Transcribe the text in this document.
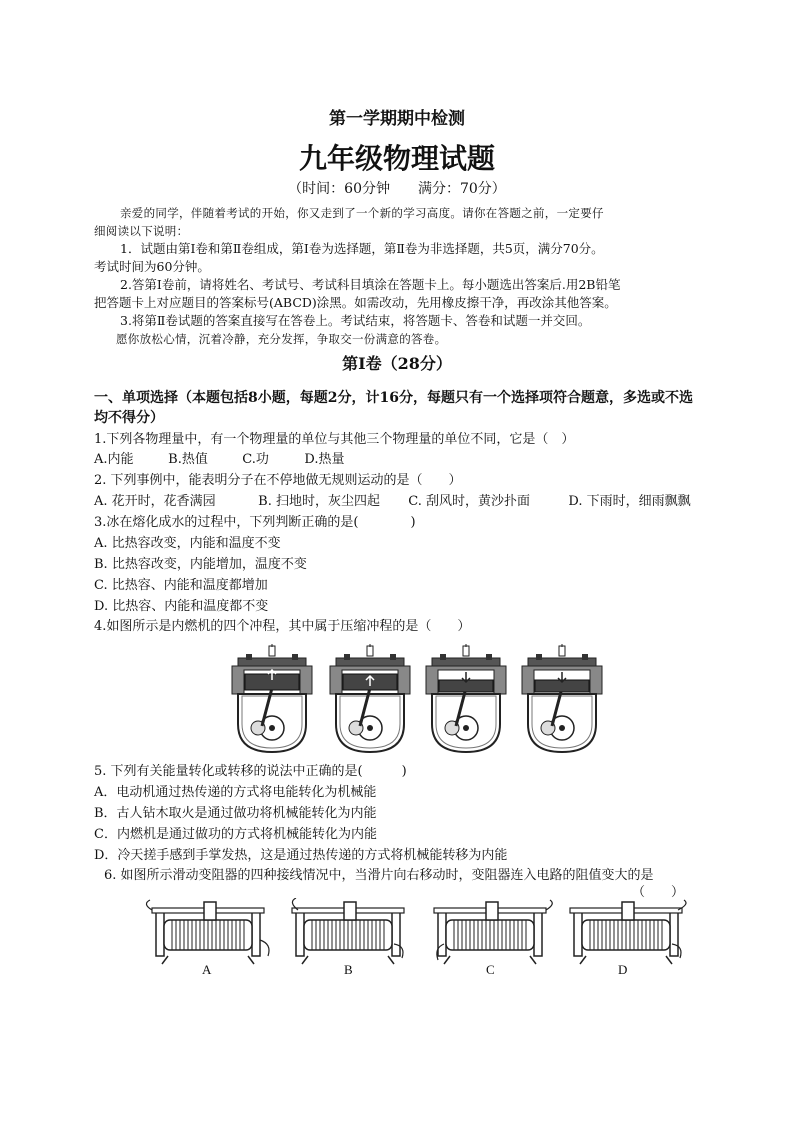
第一学期期中检测
九年级物理试题
（时间：60分钟　　满分：70分）
亲爱的同学，伴随着考试的开始，你又走到了一个新的学习高度。请你在答题之前，一定要仔
细阅读以下说明：
1．试题由第Ⅰ卷和第Ⅱ卷组成，第Ⅰ卷为选择题，第Ⅱ卷为非选择题，共5页，满分70分。
考试时间为60分钟。
2.答第Ⅰ卷前，请将姓名、考试号、考试科目填涂在答题卡上。每小题选出答案后.用2B铅笔
把答题卡上对应题目的答案标号(ABCD)涂黑。如需改动，先用橡皮擦干净，再改涂其他答案。
3.将第Ⅱ卷试题的答案直接写在答卷上。考试结束，将答题卡、答卷和试题一并交回。
愿你放松心情，沉着冷静，充分发挥，争取交一份满意的答卷。
第Ⅰ卷（28分）
一、单项选择（本题包括8小题，每题2分，计16分，每题只有一个选择项符合题意，多选或不选
均不得分）
1.下列各物理量中，有一个物理量的单位与其他三个物理量的单位不同，它是（　）
A.内能	B.热值	C.功	D.热量
2. 下列事例中，能表明分子在不停地做无规则运动的是（　　）
A. 花开时，花香满园	B. 扫地时，灰尘四起 C. 刮风时，黄沙扑面	D. 下雨时，细雨飘飘
3.冰在熔化成水的过程中，下列判断正确的是(　　　　)
A. 比热容改变，内能和温度不变
B. 比热容改变，内能增加，温度不变
C. 比热容、内能和温度都增加
D. 比热容、内能和温度都不变
4.如图所示是内燃机的四个冲程，其中属于压缩冲程的是（　　）
5. 下列有关能量转化或转移的说法中正确的是(　　　)
A．电动机通过热传递的方式将电能转化为机械能
B．古人钻木取火是通过做功将机械能转化为内能
C．内燃机是通过做功的方式将机械能转化为内能
D．冷天搓手感到手掌发热，这是通过热传递的方式将机械能转移为内能
6. 如图所示滑动变阻器的四种接线情况中，当滑片向右移动时，变阻器连入电路的阻值变大的是
（　　）
A	B	C	D
